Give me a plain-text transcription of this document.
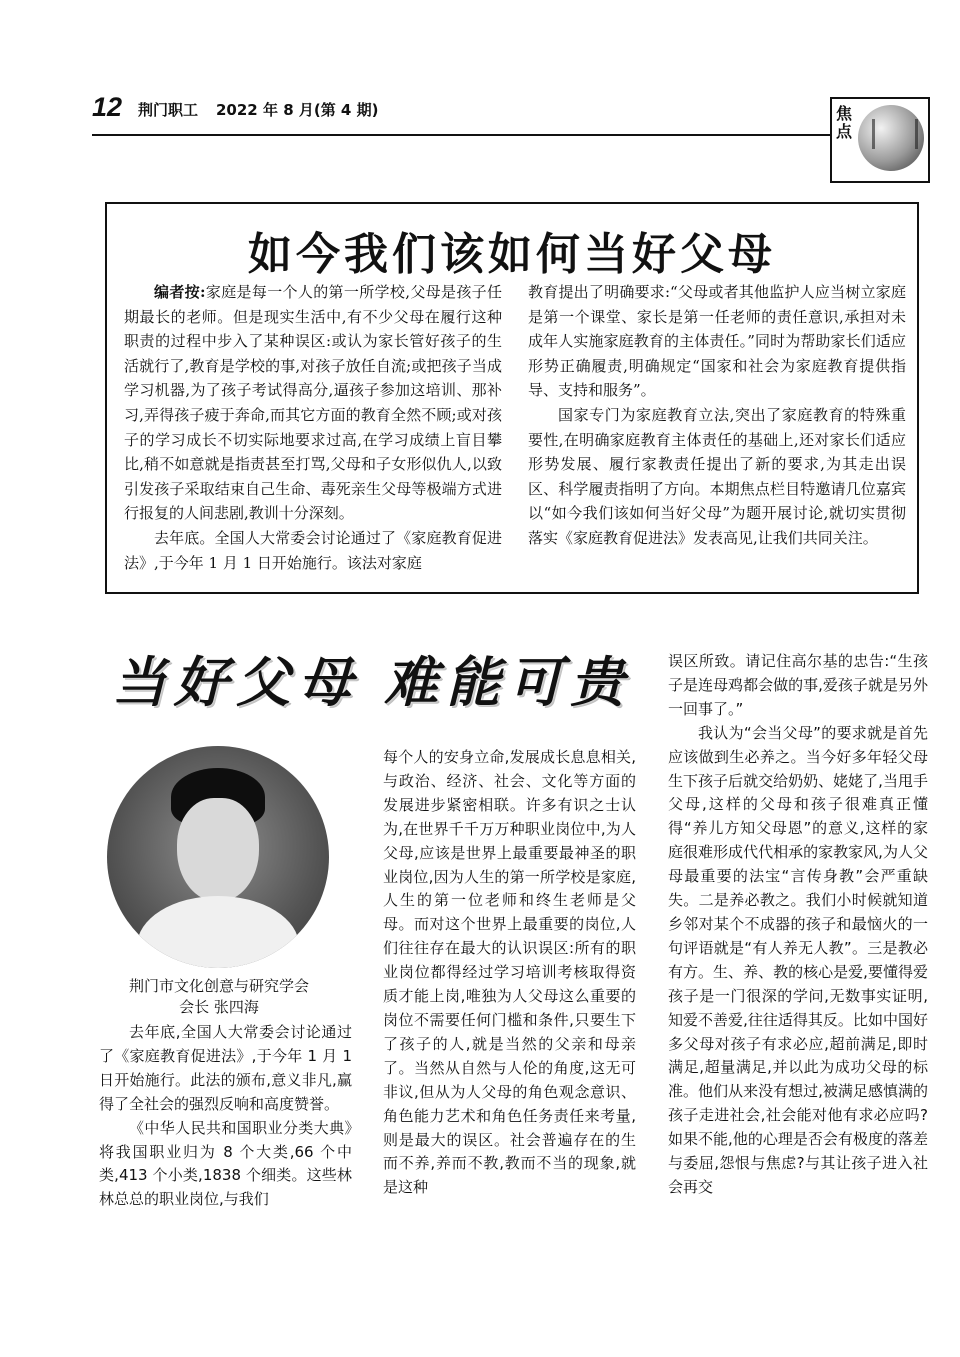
12 荆门职工 2022 年 8 月(第 4 期)	焦
点
如今我们该如何当好父母

编者按:家庭是每一个人的第一所学校,父母是孩子任期最长的老师。但是现实生活中,有不少父母在履行这种职责的过程中步入了某种误区:或认为家长管好孩子的生活就行了,教育是学校的事,对孩子放任自流;或把孩子当成学习机器,为了孩子考试得高分,逼孩子参加这培训、那补习,弄得孩子疲于奔命,而其它方面的教育全然不顾;或对孩子的学习成长不切实际地要求过高,在学习成绩上盲目攀比,稍不如意就是指责甚至打骂,父母和子女形似仇人,以致引发孩子采取结束自己生命、毒死亲生父母等极端方式进行报复的人间悲剧,教训十分深刻。

去年底。全国人大常委会讨论通过了《家庭教育促进法》,于今年 1 月 1 日开始施行。该法对家庭

教育提出了明确要求:“父母或者其他监护人应当树立家庭是第一个课堂、家长是第一任老师的责任意识,承担对未成年人实施家庭教育的主体责任。”同时为帮助家长们适应形势正确履责,明确规定“国家和社会为家庭教育提供指导、支持和服务”。

国家专门为家庭教育立法,突出了家庭教育的特殊重要性,在明确家庭教育主体责任的基础上,还对家长们适应形势发展、履行家教责任提出了新的要求,为其走出误区、科学履责指明了方向。本期焦点栏目特邀请几位嘉宾以“如今我们该如何当好父母”为题开展讨论,就切实贯彻落实《家庭教育促进法》发表高见,让我们共同关注。

当好父母 难能可贵
荆门市文化创意与研究学会
会长 张四海

去年底,全国人大常委会讨论通过了《家庭教育促进法》,于今年 1 月 1 日开始施行。此法的颁布,意义非凡,赢得了全社会的强烈反响和高度赞誉。

《中华人民共和国职业分类大典》将我国职业归为 8 个大类,66 个中类,413 个小类,1838 个细类。这些林林总总的职业岗位,与我们

每个人的安身立命,发展成长息息相关,与政治、经济、社会、文化等方面的发展进步紧密相联。许多有识之士认为,在世界千千万万种职业岗位中,为人父母,应该是世界上最重要最神圣的职业岗位,因为人生的第一所学校是家庭,人生的第一位老师和终生老师是父母。而对这个世界上最重要的岗位,人们往往存在最大的认识误区:所有的职业岗位都得经过学习培训考核取得资质才能上岗,唯独为人父母这么重要的岗位不需要任何门槛和条件,只要生下了孩子的人,就是当然的父亲和母亲了。当然从自然与人伦的角度,这无可非议,但从为人父母的角色观念意识、角色能力艺术和角色任务责任来考量,则是最大的误区。社会普遍存在的生而不养,养而不教,教而不当的现象,就是这种

误区所致。请记住高尔基的忠告:“生孩子是连母鸡都会做的事,爱孩子就是另外一回事了。”

我认为“会当父母”的要求就是首先应该做到生必养之。当今好多年轻父母生下孩子后就交给奶奶、姥姥了,当甩手父母,这样的父母和孩子很难真正懂得“养儿方知父母恩”的意义,这样的家庭很难形成代代相承的家教家风,为人父母最重要的法宝“言传身教”会严重缺失。二是养必教之。我们小时候就知道乡邻对某个不成器的孩子和最恼火的一句评语就是“有人养无人教”。三是教必有方。生、养、教的核心是爱,要懂得爱孩子是一门很深的学问,无数事实证明,知爱不善爱,往往适得其反。比如中国好多父母对孩子有求必应,超前满足,即时满足,超量满足,并以此为成功父母的标准。他们从来没有想过,被满足感慎满的孩子走进社会,社会能对他有求必应吗?如果不能,他的心理是否会有极度的落差与委屈,怨恨与焦虑?与其让孩子进入社会再交
